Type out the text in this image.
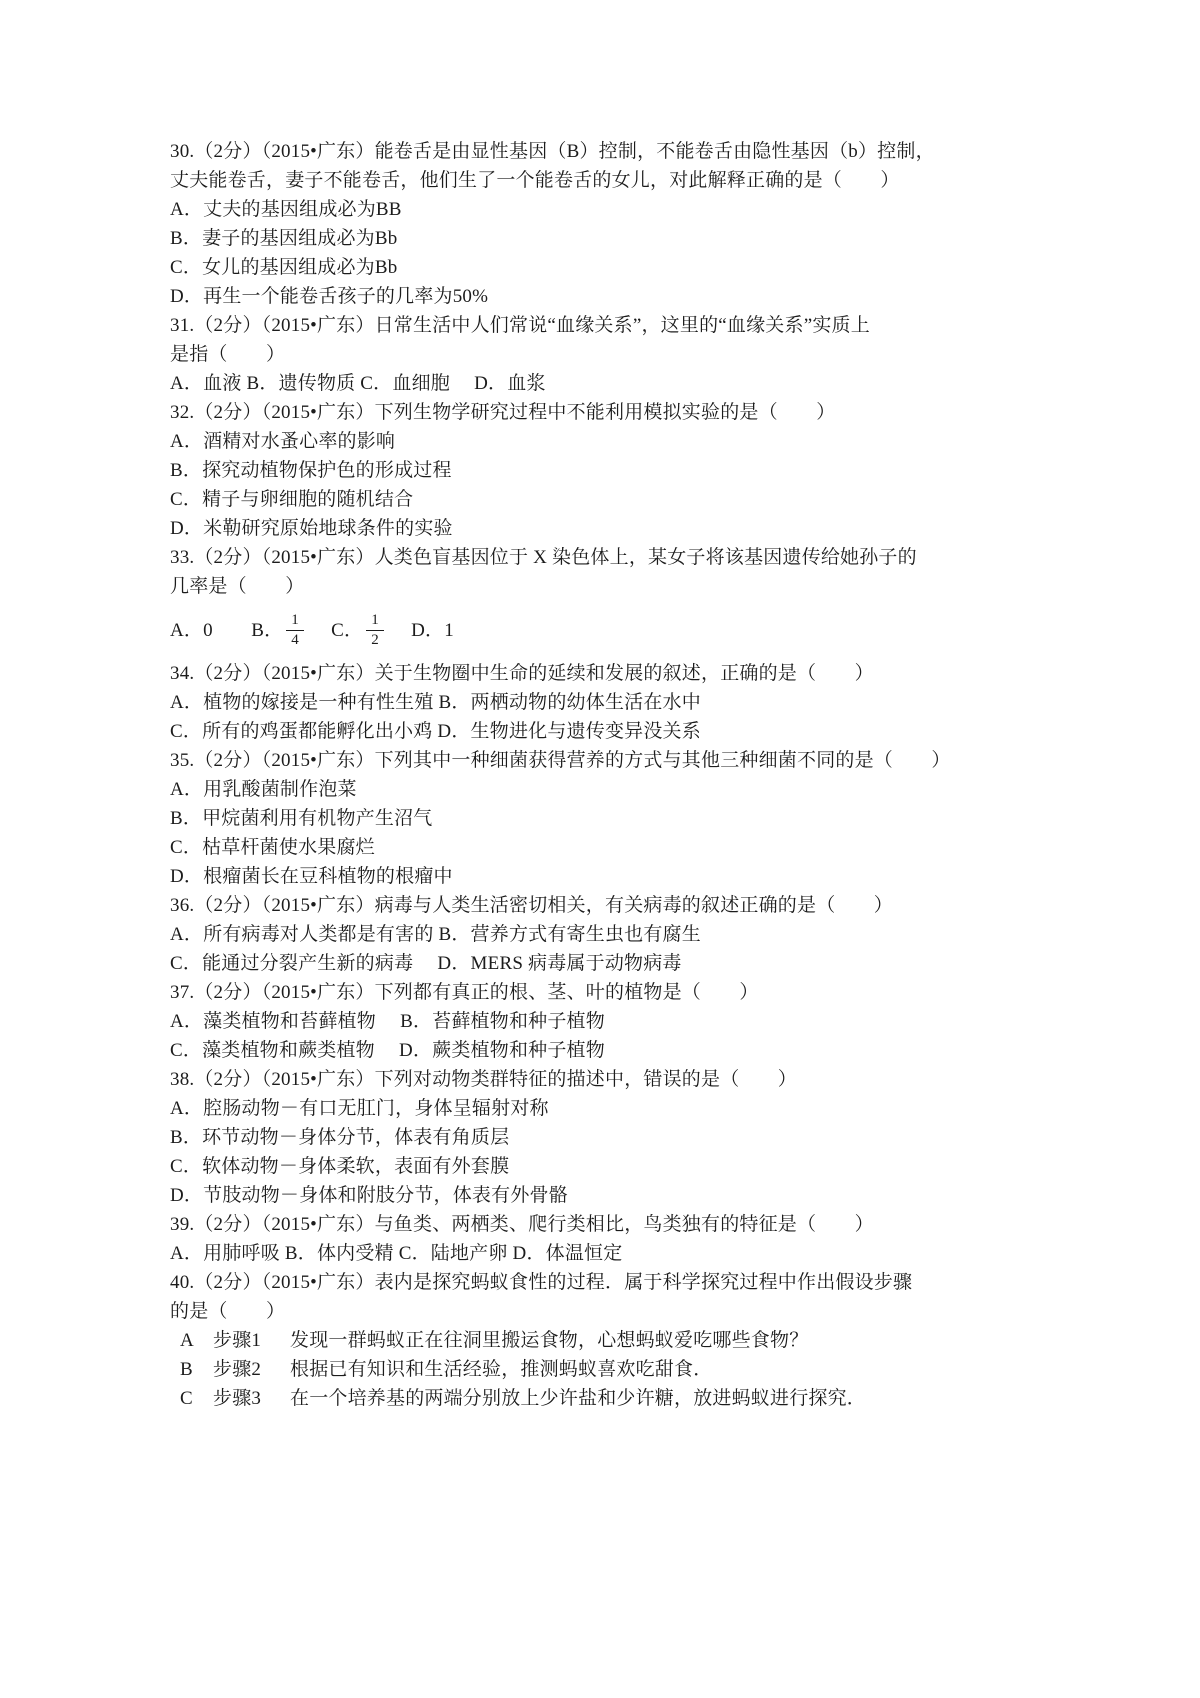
30.（2分）（2015•广东）能卷舌是由显性基因（B）控制，不能卷舌由隐性基因（b）控制，
丈夫能卷舌，妻子不能卷舌，他们生了一个能卷舌的女儿，对此解释正确的是（　　）
A．丈夫的基因组成必为BB
B．妻子的基因组成必为Bb
C．女儿的基因组成必为Bb
D．再生一个能卷舌孩子的几率为50%
31.（2分）（2015•广东）日常生活中人们常说“血缘关系”，这里的“血缘关系”实质上
是指（　　）
A．血液 B．遗传物质 C．血细胞　 D．血浆
32.（2分）（2015•广东）下列生物学研究过程中不能利用模拟实验的是（　　）
A．酒精对水蚤心率的影响
B．探究动植物保护色的形成过程
C．精子与卵细胞的随机结合
D．米勒研究原始地球条件的实验
33.（2分）（2015•广东）人类色盲基因位于 X 染色体上，某女子将该基因遗传给她孙子的
几率是（　　）
A．0　　B． $\frac{1}{4}$ 　 C． $\frac{1}{2}$ 　 D．1
34.（2分）（2015•广东）关于生物圈中生命的延续和发展的叙述，正确的是（　　）
A．植物的嫁接是一种有性生殖 B．两栖动物的幼体生活在水中
C．所有的鸡蛋都能孵化出小鸡 D．生物进化与遗传变异没关系
35.（2分）（2015•广东）下列其中一种细菌获得营养的方式与其他三种细菌不同的是（　　）
A．用乳酸菌制作泡菜
B．甲烷菌利用有机物产生沼气
C．枯草杆菌使水果腐烂
D．根瘤菌长在豆科植物的根瘤中
36.（2分）（2015•广东）病毒与人类生活密切相关，有关病毒的叙述正确的是（　　）
A．所有病毒对人类都是有害的 B．营养方式有寄生虫也有腐生
C．能通过分裂产生新的病毒　 D．MERS 病毒属于动物病毒
37.（2分）（2015•广东）下列都有真正的根、茎、叶的植物是（　　）
A．藻类植物和苔藓植物　 B．苔藓植物和种子植物
C．藻类植物和蕨类植物　 D．蕨类植物和种子植物
38.（2分）（2015•广东）下列对动物类群特征的描述中，错误的是（　　）
A．腔肠动物－有口无肛门，身体呈辐射对称
B．环节动物－身体分节，体表有角质层
C．软体动物－身体柔软，表面有外套膜
D．节肢动物－身体和附肢分节，体表有外骨骼
39.（2分）（2015•广东）与鱼类、两栖类、爬行类相比，鸟类独有的特征是（　　）
A．用肺呼吸 B．体内受精 C．陆地产卵 D．体温恒定
40.（2分）（2015•广东）表内是探究蚂蚁食性的过程．属于科学探究过程中作出假设步骤
的是（　　）
A 步骤1 发现一群蚂蚁正在往洞里搬运食物，心想蚂蚁爱吃哪些食物？
B 步骤2 根据已有知识和生活经验，推测蚂蚁喜欢吃甜食．
C 步骤3 在一个培养基的两端分别放上少许盐和少许糖，放进蚂蚁进行探究．
